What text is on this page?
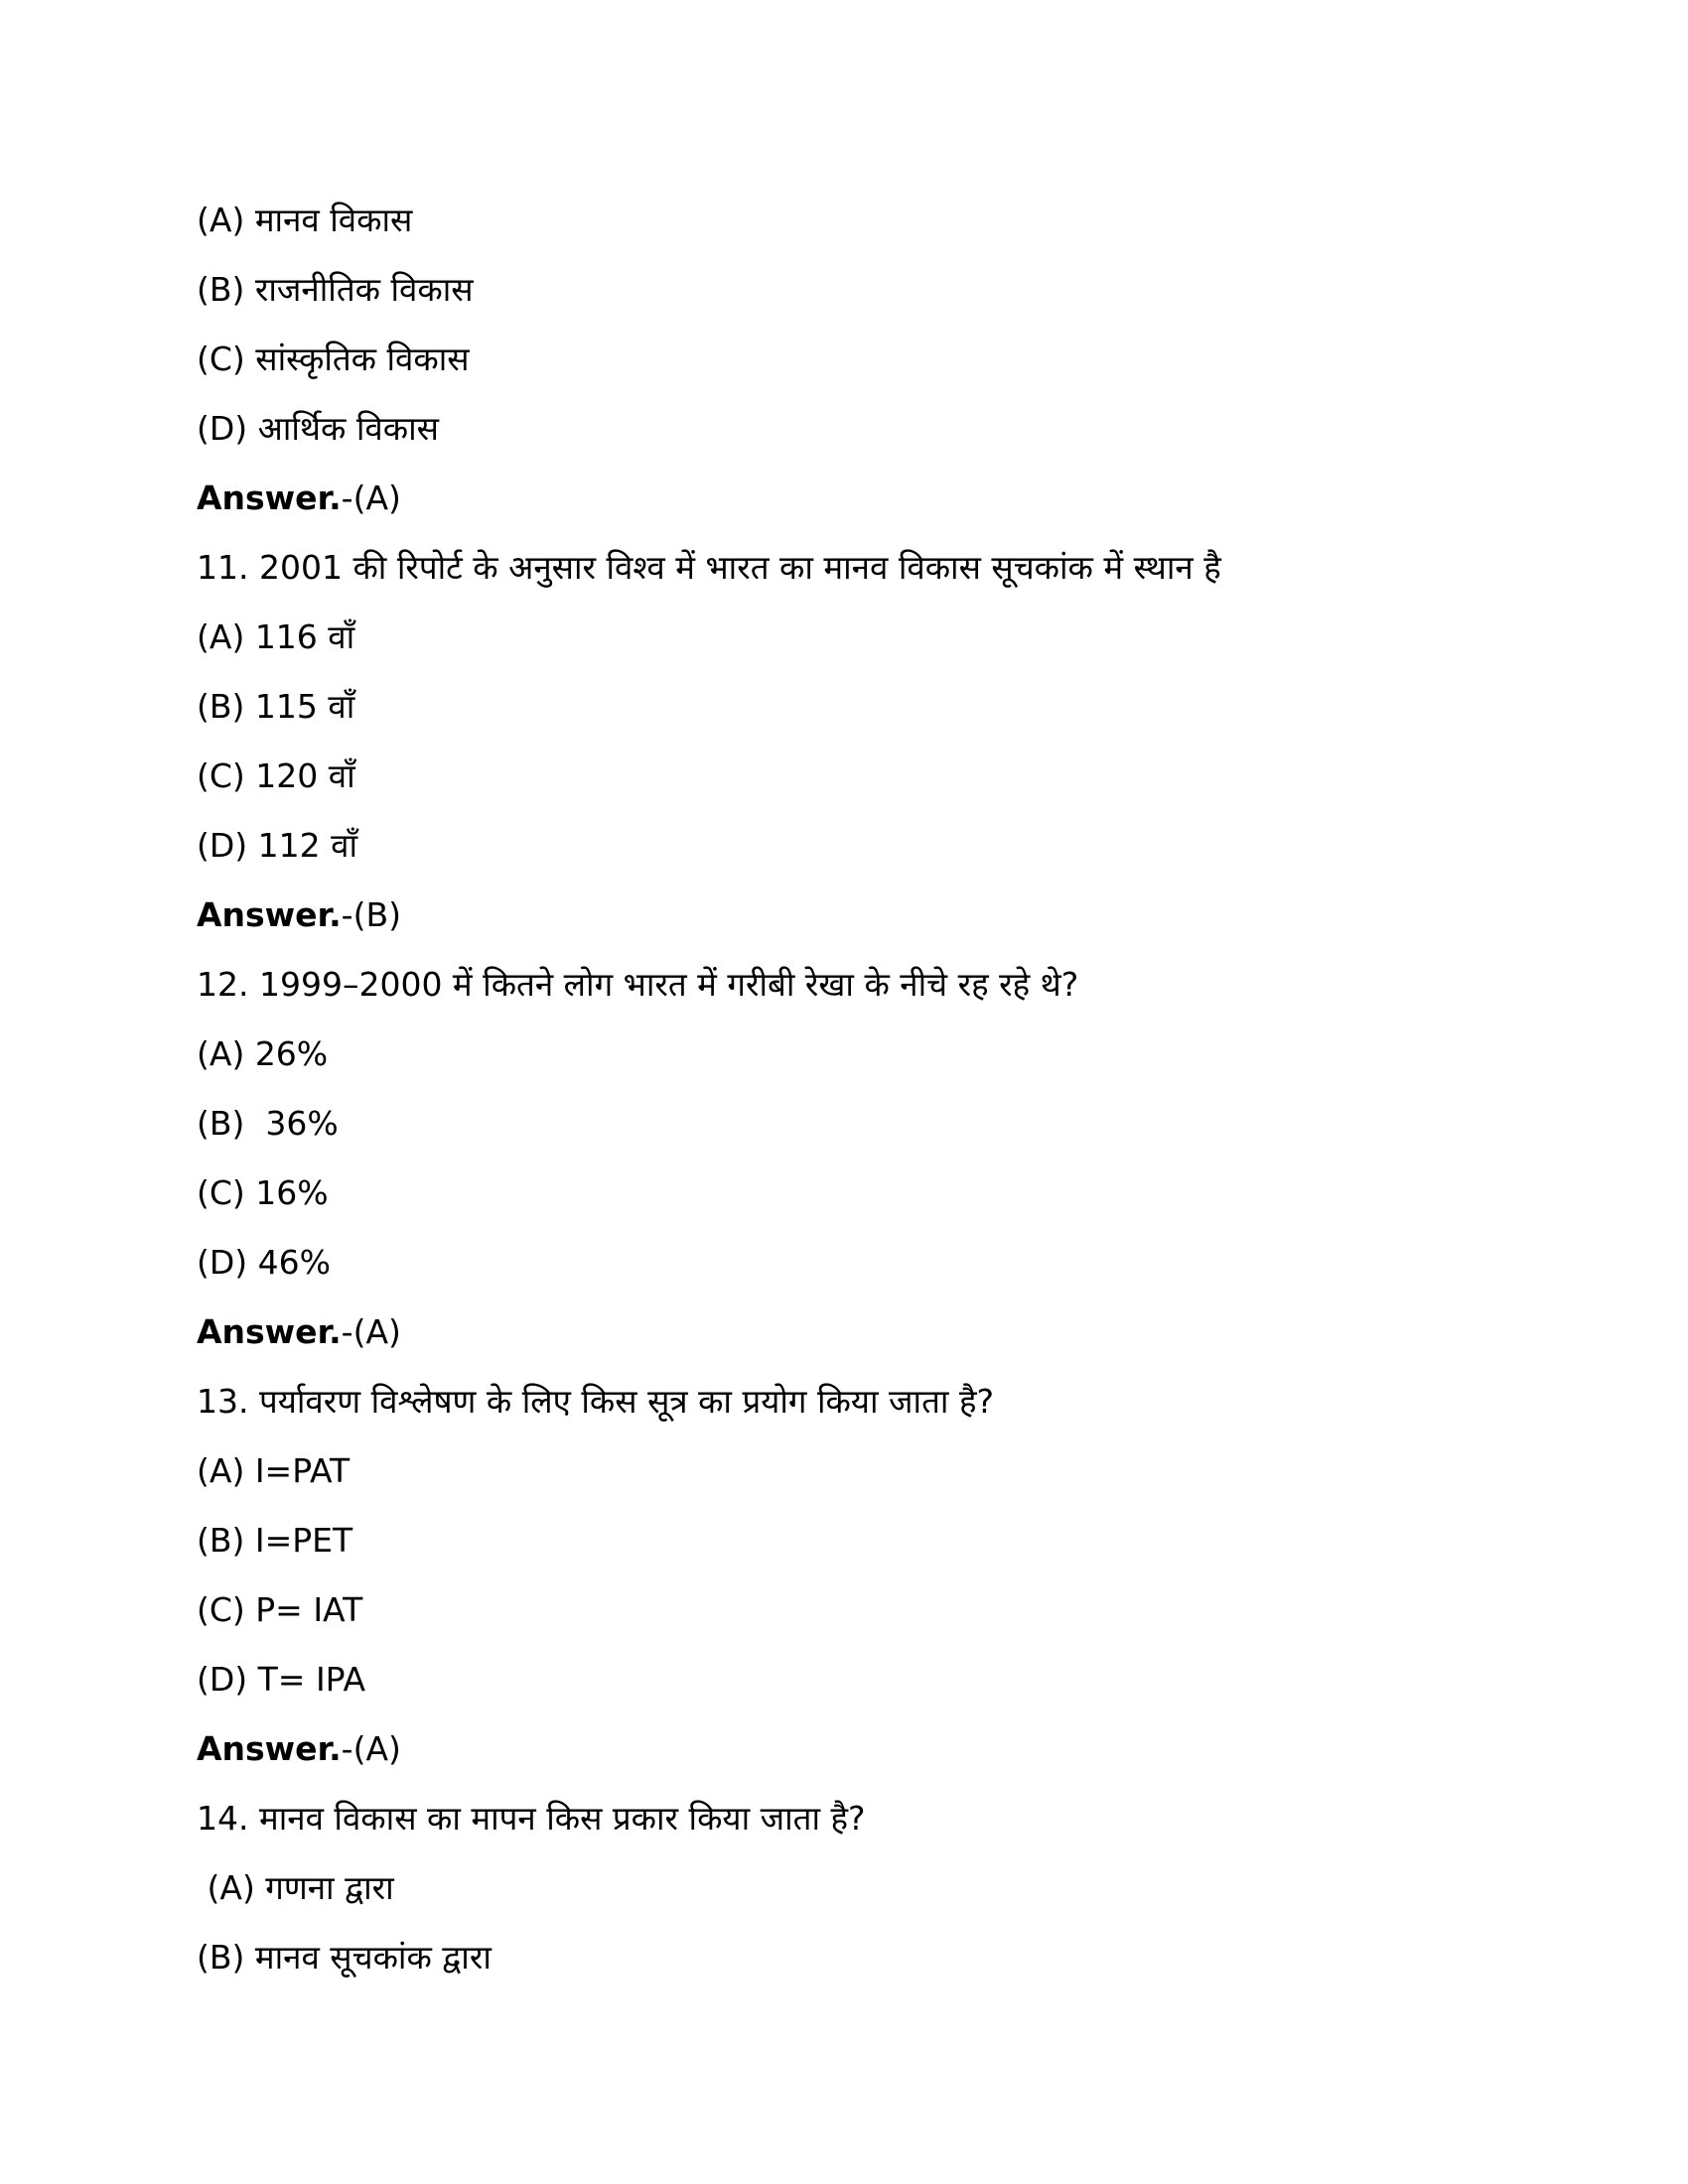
(A) मानव विकास
(B) राजनीतिक विकास
(C) सांस्कृतिक विकास
(D) आर्थिक विकास
Answer.-(A)
11. 2001 की रिपोर्ट के अनुसार विश्व में भारत का मानव विकास सूचकांक में स्थान है
(A) 116 वाँ
(B) 115 वाँ
(C) 120 वाँ
(D) 112 वाँ
Answer.-(B)
12. 1999–2000 में कितने लोग भारत में गरीबी रेखा के नीचे रह रहे थे?
(A) 26%
(B)  36%
(C) 16%
(D) 46%
Answer.-(A)
13. पर्यावरण विश्लेषण के लिए किस सूत्र का प्रयोग किया जाता है?
(A) I=PAT
(B) I=PET
(C) P= IAT
(D) T= IPA
Answer.-(A)
14. मानव विकास का मापन किस प्रकार किया जाता है?
(A) गणना द्वारा
(B) मानव सूचकांक द्वारा
